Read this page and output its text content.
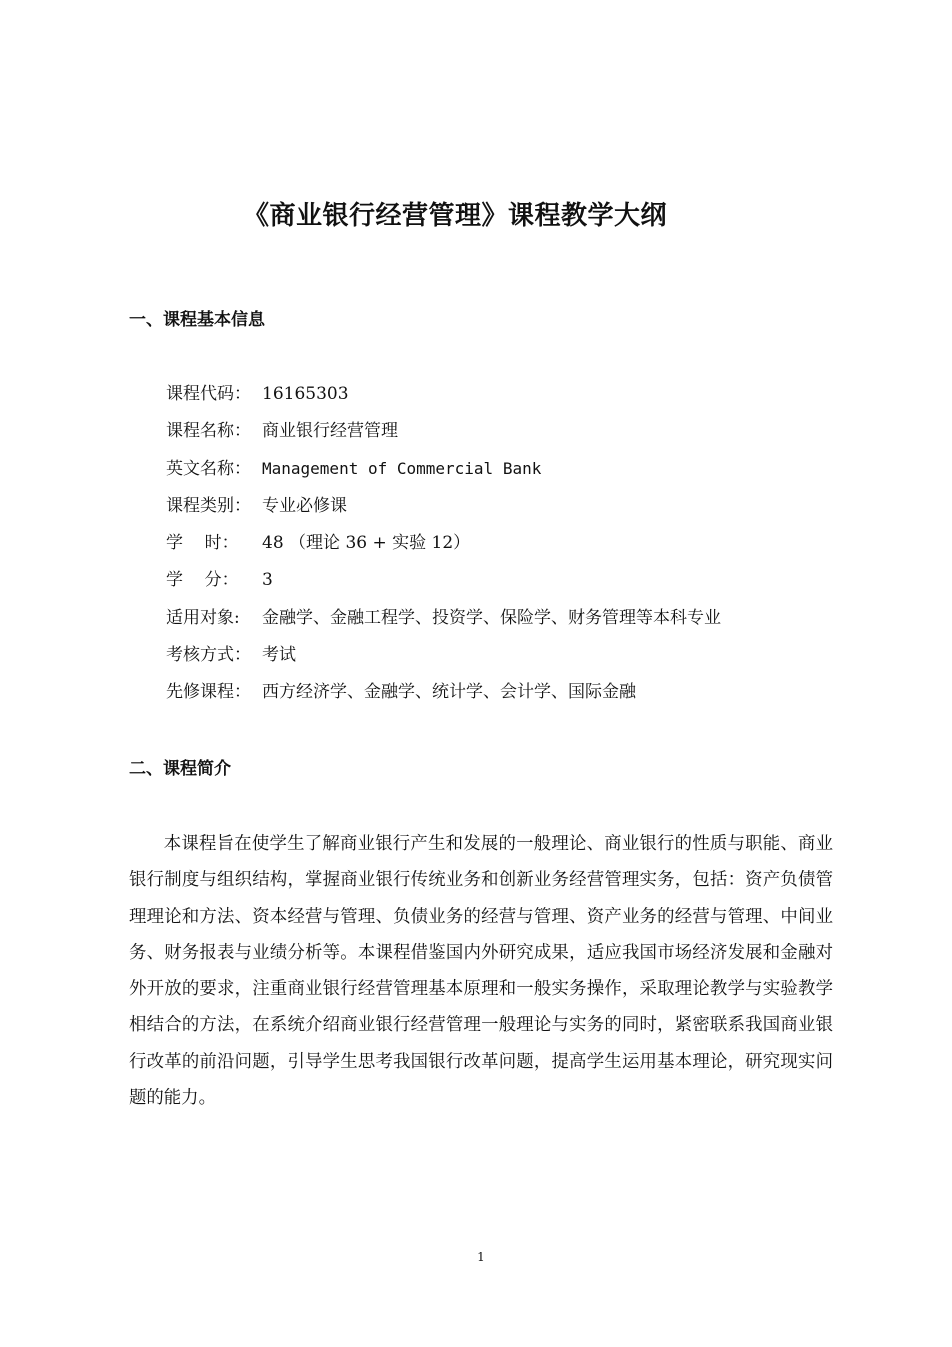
《商业银行经营管理》课程教学大纲
一、课程基本信息
课程代码： 16165303
课程名称： 商业银行经营管理
英文名称： Management of Commercial Bank
课程类别： 专业必修课
学    时： 48 （理论 36 + 实验 12）
学    分： 3
适用对象: 金融学、金融工程学、投资学、保险学、财务管理等本科专业
考核方式： 考试
先修课程： 西方经济学、金融学、统计学、会计学、国际金融
二、课程简介

本课程旨在使学生了解商业银行产生和发展的一般理论、商业银行的性质与职能、商业银行制度与组织结构，掌握商业银行传统业务和创新业务经营管理实务，包括：资产负债管理理论和方法、资本经营与管理、负债业务的经营与管理、资产业务的经营与管理、中间业务、财务报表与业绩分析等。本课程借鉴国内外研究成果，适应我国市场经济发展和金融对外开放的要求，注重商业银行经营管理基本原理和一般实务操作，采取理论教学与实验教学相结合的方法，在系统介绍商业银行经营管理一般理论与实务的同时，紧密联系我国商业银行改革的前沿问题，引导学生思考我国银行改革问题，提高学生运用基本理论，研究现实问题的能力。

1
